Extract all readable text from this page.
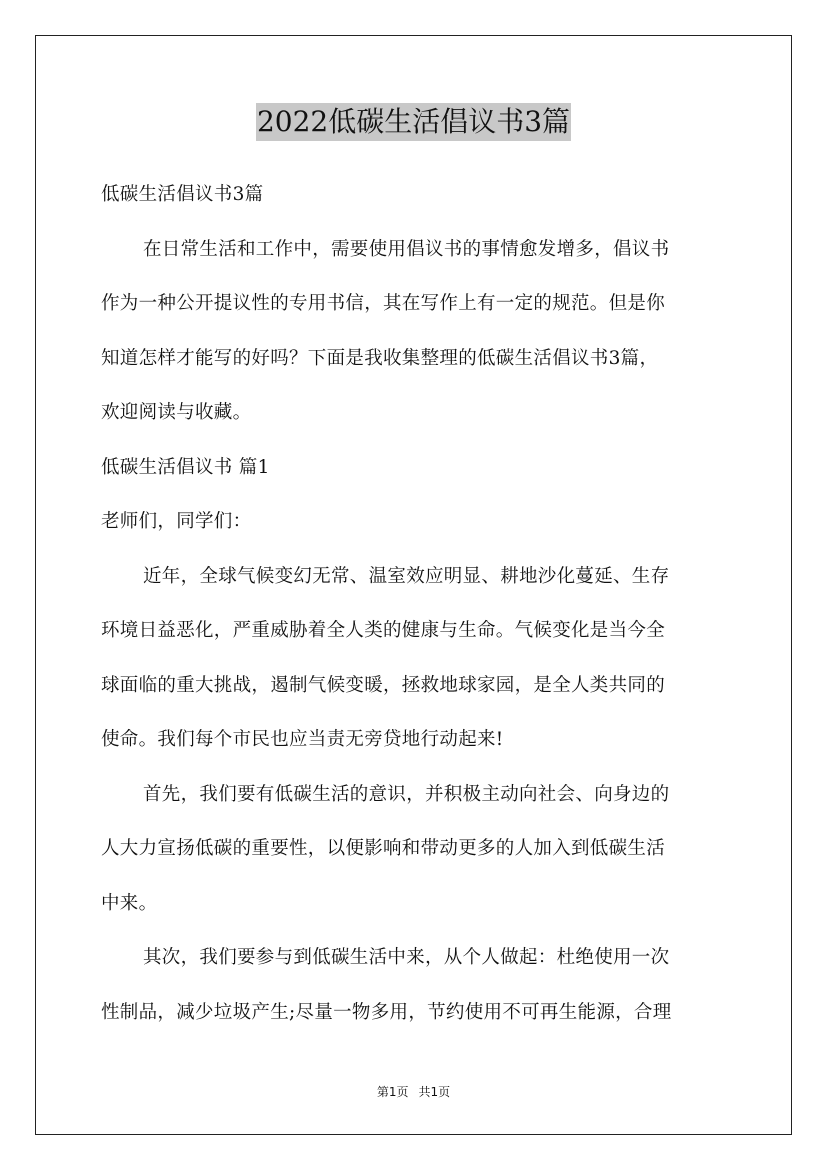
2022低碳生活倡议书3篇
低碳生活倡议书3篇
在日常生活和工作中，需要使用倡议书的事情愈发增多，倡议书
作为一种公开提议性的专用书信，其在写作上有一定的规范。但是你
知道怎样才能写的好吗？下面是我收集整理的低碳生活倡议书3篇，
欢迎阅读与收藏。
低碳生活倡议书 篇1
老师们，同学们：
近年，全球气候变幻无常、温室效应明显、耕地沙化蔓延、生存
环境日益恶化，严重威胁着全人类的健康与生命。气候变化是当今全
球面临的重大挑战，遏制气候变暖，拯救地球家园，是全人类共同的
使命。我们每个市民也应当责无旁贷地行动起来!
首先，我们要有低碳生活的意识，并积极主动向社会、向身边的
人大力宣扬低碳的重要性，以便影响和带动更多的人加入到低碳生活
中来。
其次，我们要参与到低碳生活中来，从个人做起：杜绝使用一次
性制品，减少垃圾产生;尽量一物多用，节约使用不可再生能源，合理
第1页 共1页
